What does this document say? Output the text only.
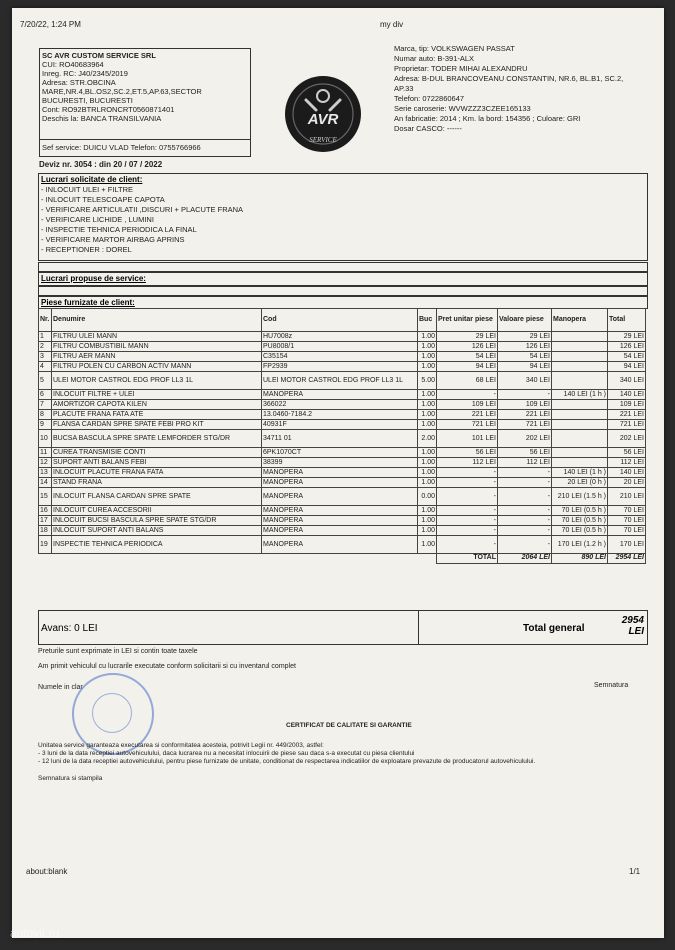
7/20/22, 1:24 PM	my div
SC AVR CUSTOM SERVICE SRL
CUI: RO40683964
Inreg. RC: J40/2345/2019
Adresa: STR.OBCINA
MARE,NR.4,BL.OS2,SC.2,ET.5,AP.63,SECTOR
BUCURESTI, BUCURESTI
Cont: RO92BTRLRONCRT0560871401
Deschis la: BANCA TRANSILVANIA
Sef service: DUICU VLAD Telefon: 0755766966
AVR
SERVICE
Marca, tip: VOLKSWAGEN PASSAT
Numar auto: B-391-ALX
Proprietar: TODER MIHAI ALEXANDRU
Adresa: B-DUL BRANCOVEANU CONSTANTIN, NR.6, BL.B1, SC.2,
AP.33
Telefon: 0722860647
Serie caroserie: WVWZZZ3CZEE165133
An fabricatie: 2014 ; Km. la bord: 154356 ; Culoare: GRI
Dosar CASCO: ------
Deviz nr. 3054 : din 20 / 07 / 2022
Lucrari solicitate de client:
- INLOCUIT ULEI + FILTRE
- INLOCUIT TELESCOAPE CAPOTA
- VERIFICARE ARTICULATII ,DISCURI + PLACUTE FRANA
- VERIFICARE LICHIDE , LUMINI
- INSPECTIE TEHNICA PERIODICA LA FINAL
- VERIFICARE MARTOR AIRBAG APRINS
- RECEPTIONER : DOREL
Lucrari propuse de service:
Piese furnizate de client:
Nr.	Denumire	Cod	Buc	Pret unitar piese	Valoare piese	Manopera	Total
1	FILTRU ULEI MANN	HU7008z	1.00	29 LEI	29 LEI		29 LEI
2	FILTRU COMBUSTIBIL MANN	PU8008/1	1.00	126 LEI	126 LEI		126 LEI
3	FILTRU AER MANN	C35154	1.00	54 LEI	54 LEI		54 LEI
4	FILTRU POLEN CU CARBON ACTIV MANN	FP2939	1.00	94 LEI	94 LEI		94 LEI
5	ULEI MOTOR CASTROL EDG PROF LL3 1L	ULEI MOTOR CASTROL EDG PROF LL3 1L	5.00	68 LEI	340 LEI		340 LEI
6	INLOCUIT FILTRE + ULEI	MANOPERA	1.00	-	-	140 LEI (1 h )	140 LEI
7	AMORTIZOR CAPOTA KILEN	366022	1.00	109 LEI	109 LEI		109 LEI
8	PLACUTE FRANA FATA ATE	13.0460-7184.2	1.00	221 LEI	221 LEI		221 LEI
9	FLANSA CARDAN SPRE SPATE FEBI PRO KIT	40931F	1.00	721 LEI	721 LEI		721 LEI
10	BUCSA BASCULA SPRE SPATE LEMFORDER STG/DR	34711 01	2.00	101 LEI	202 LEI		202 LEI
11	CUREA TRANSMISIE CONTI	6PK1070CT	1.00	56 LEI	56 LEI		56 LEI
12	SUPORT ANTI BALANS FEBI	38399	1.00	112 LEI	112 LEI		112 LEI
13	INLOCUIT PLACUTE FRANA FATA	MANOPERA	1.00	-	-	140 LEI (1 h )	140 LEI
14	STAND FRANA	MANOPERA	1.00	-	-	20 LEI (0 h )	20 LEI
15	INLOCUIT FLANSA CARDAN SPRE SPATE	MANOPERA	0.00	-	-	210 LEI (1.5 h )	210 LEI
16	INLOCUIT CUREA ACCESORII	MANOPERA	1.00	-	-	70 LEI (0.5 h )	70 LEI
17	INLOCUIT BUCSI BASCULA SPRE SPATE STG/DR	MANOPERA	1.00	-	-	70 LEI (0.5 h )	70 LEI
18	INLOCUIT SUPORT ANTI BALANS	MANOPERA	1.00	-	-	70 LEI (0.5 h )	70 LEI
19	INSPECTIE TEHNICA PERIODICA	MANOPERA	1.00	-	-	170 LEI (1.2 h )	170 LEI
				TOTAL	2064 LEI	890 LEI	2954 LEI
Avans: 0 LEI	Total general
2954 LEI
Preturile sunt exprimate in LEI si contin toate taxele
Am primit vehiculul cu lucrarile executate conform solicitarii si cu inventarul complet
Numele in clar	Semnatura
CERTIFICAT DE CALITATE SI GARANTIE
Unitatea service garanteaza executarea si conformitatea acesteia, potrivit Legii nr. 449/2003, astfel:
- 3 luni de la data receptiei autovehiculului, daca lucrarea nu a necesitat inlocuirii de piese sau daca s-a executat cu piesa clientului
- 12 luni de la data receptiei autovehiculului, pentru piese furnizate de unitate, conditionat de respectarea indicatiilor de exploatare prevazute de producatorul autovehiculului.
Semnatura si stampila
about:blank	1/1
autovit.ro
